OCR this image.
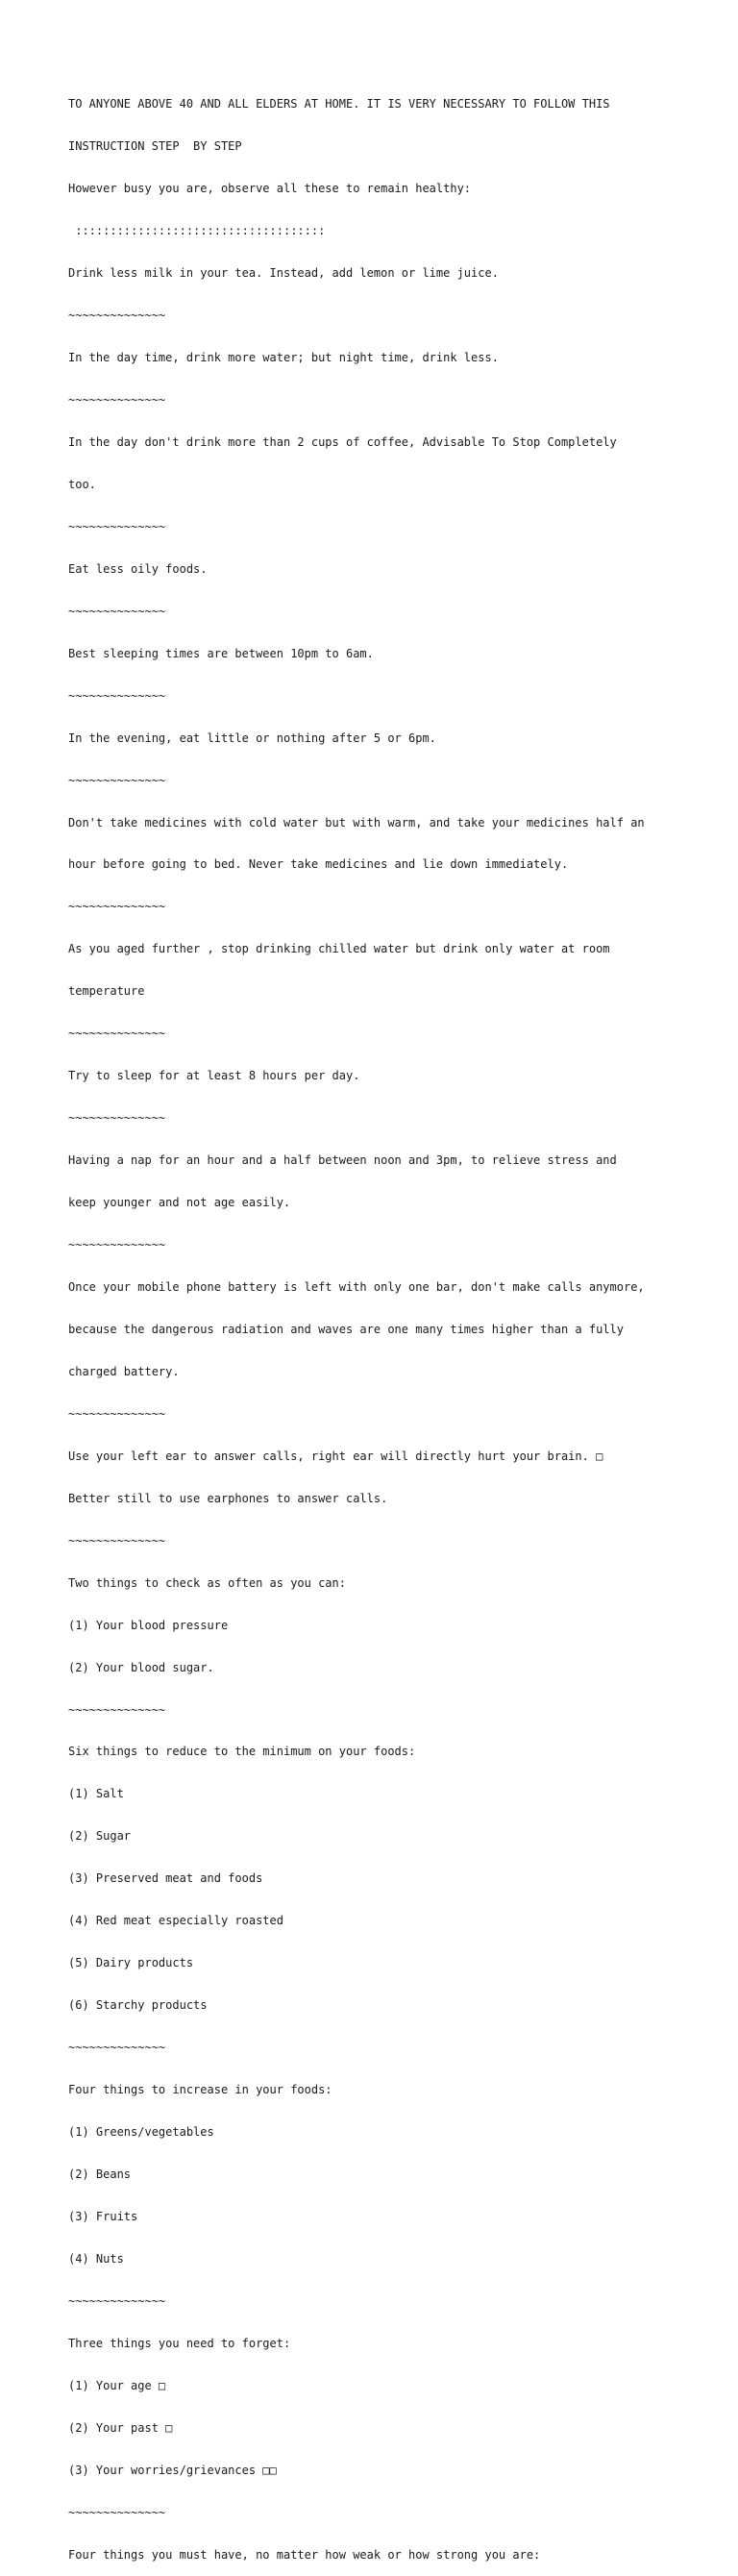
TO ANYONE ABOVE 40 AND ALL ELDERS AT HOME. IT IS VERY NECESSARY TO FOLLOW THIS

INSTRUCTION STEP  BY STEP

However busy you are, observe all these to remain healthy:

::::::::::::::::::::::::::::::::::::

Drink less milk in your tea. Instead, add lemon or lime juice.

~~~~~~~~~~~~~~

In the day time, drink more water; but night time, drink less.

~~~~~~~~~~~~~~

In the day don't drink more than 2 cups of coffee, Advisable To Stop Completely

too.

~~~~~~~~~~~~~~

Eat less oily foods.

~~~~~~~~~~~~~~

Best sleeping times are between 10pm to 6am.

~~~~~~~~~~~~~~

In the evening, eat little or nothing after 5 or 6pm.

~~~~~~~~~~~~~~

Don't take medicines with cold water but with warm, and take your medicines half an

hour before going to bed. Never take medicines and lie down immediately.

~~~~~~~~~~~~~~

As you aged further , stop drinking chilled water but drink only water at room

temperature

~~~~~~~~~~~~~~

Try to sleep for at least 8 hours per day.

~~~~~~~~~~~~~~

Having a nap for an hour and a half between noon and 3pm, to relieve stress and

keep younger and not age easily.

~~~~~~~~~~~~~~

Once your mobile phone battery is left with only one bar, don't make calls anymore,

because the dangerous radiation and waves are one many times higher than a fully

charged battery.

~~~~~~~~~~~~~~

Use your left ear to answer calls, right ear will directly hurt your brain. □

Better still to use earphones to answer calls.

~~~~~~~~~~~~~~

Two things to check as often as you can:

(1) Your blood pressure

(2) Your blood sugar.

~~~~~~~~~~~~~~

Six things to reduce to the minimum on your foods:

(1) Salt

(2) Sugar

(3) Preserved meat and foods

(4) Red meat especially roasted

(5) Dairy products

(6) Starchy products

~~~~~~~~~~~~~~

Four things to increase in your foods:

(1) Greens/vegetables

(2) Beans

(3) Fruits

(4) Nuts

~~~~~~~~~~~~~~

Three things you need to forget:

(1) Your age □

(2) Your past □

(3) Your worries/grievances □□

~~~~~~~~~~~~~~

Four things you must have, no matter how weak or how strong you are:
